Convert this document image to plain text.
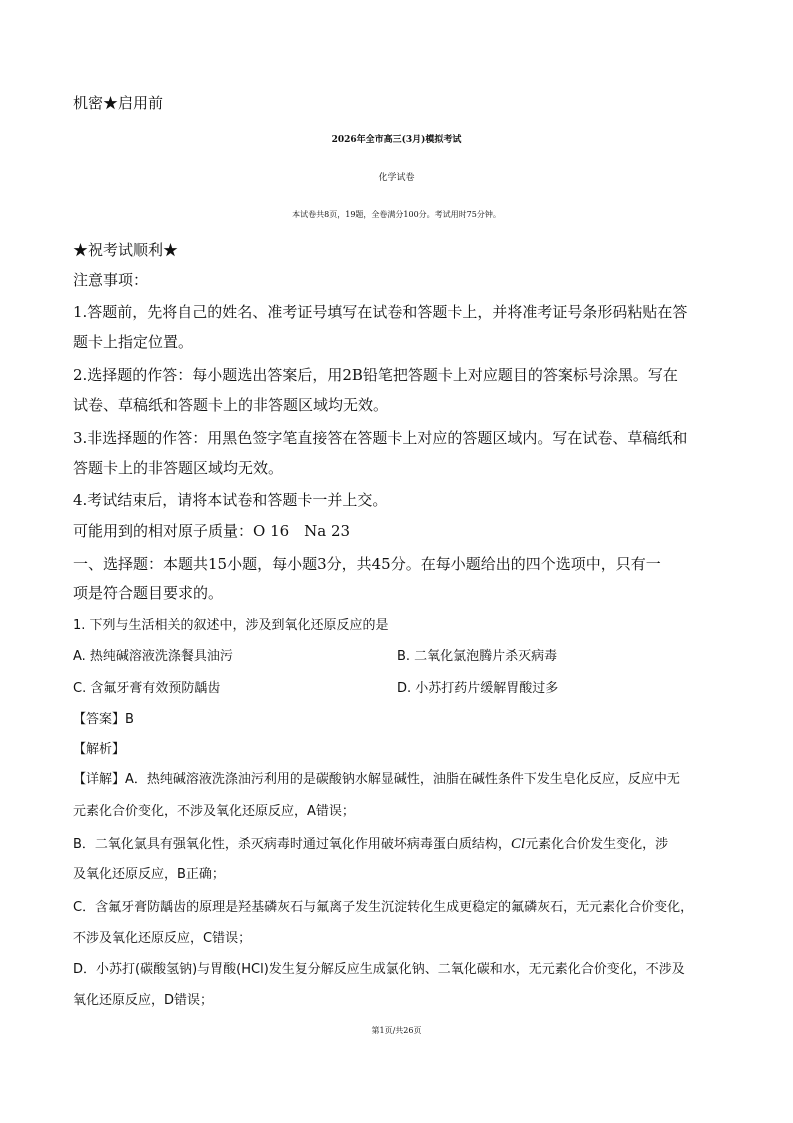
机密★启用前
2026年全市高三(3月)模拟考试
化学试卷
本试卷共8页，19题，全卷满分100分。考试用时75分钟。
★祝考试顺利★
注意事项：
1.答题前，先将自己的姓名、准考证号填写在试卷和答题卡上，并将准考证号条形码粘贴在答
题卡上指定位置。
2.选择题的作答：每小题选出答案后，用2B铅笔把答题卡上对应题目的答案标号涂黑。写在
试卷、草稿纸和答题卡上的非答题区域均无效。
3.非选择题的作答：用黑色签字笔直接答在答题卡上对应的答题区域内。写在试卷、草稿纸和
答题卡上的非答题区域均无效。
4.考试结束后，请将本试卷和答题卡一并上交。
可能用到的相对原子质量：O 16　Na 23
一、选择题：本题共15小题，每小题3分，共45分。在每小题给出的四个选项中，只有一
项是符合题目要求的。
1. 下列与生活相关的叙述中，涉及到氧化还原反应的是
A. 热纯碱溶液洗涤餐具油污	B. 二氧化氯泡腾片杀灭病毒
C. 含氟牙膏有效预防龋齿	D. 小苏打药片缓解胃酸过多
【答案】B
【解析】
【详解】A．热纯碱溶液洗涤油污利用的是碳酸钠水解显碱性，油脂在碱性条件下发生皂化反应，反应中无
元素化合价变化，不涉及氧化还原反应，A错误；
B．二氧化氯具有强氧化性，杀灭病毒时通过氧化作用破坏病毒蛋白质结构，Cl元素化合价发生变化，涉
及氧化还原反应，B正确；
C．含氟牙膏防龋齿的原理是羟基磷灰石与氟离子发生沉淀转化生成更稳定的氟磷灰石，无元素化合价变化，
不涉及氧化还原反应，C错误；
D．小苏打(碳酸氢钠)与胃酸(HCl)发生复分解反应生成氯化钠、二氧化碳和水，无元素化合价变化，不涉及
氧化还原反应，D错误；
第1页/共26页
